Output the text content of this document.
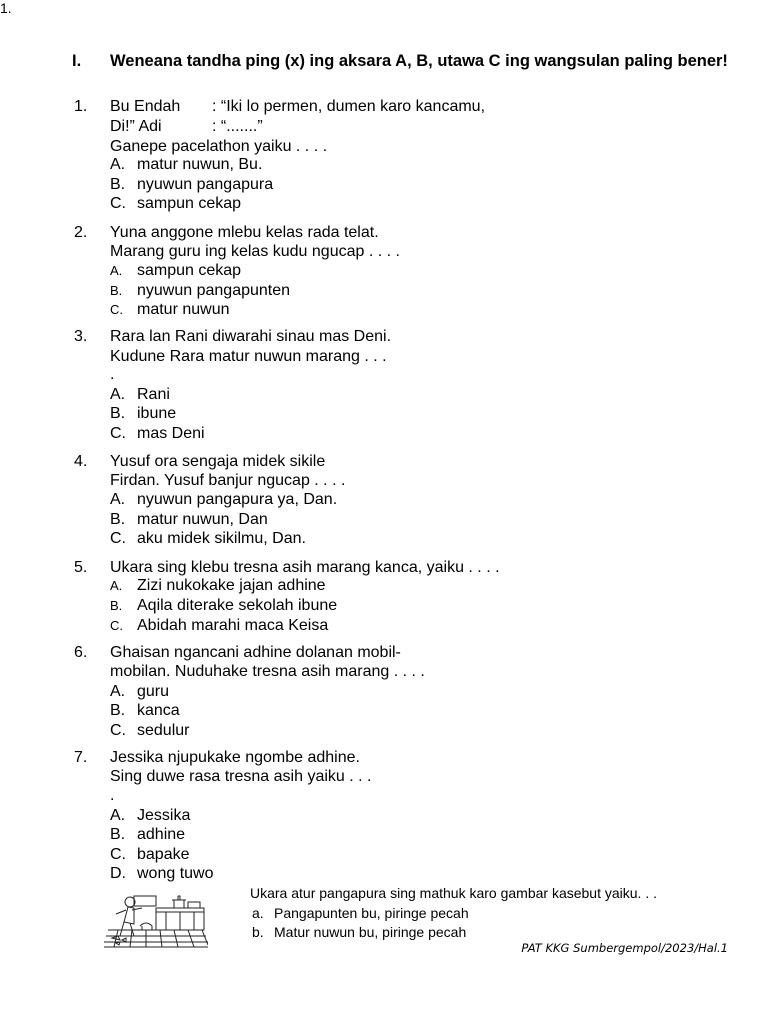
I. Weneana tandha ping (x) ing aksara A, B, utawa C ing wangsulan paling bener!
1. Bu Endah : “Iki lo permen, dumen karo kancamu,
Di!” Adi	: “.......”
Ganepe pacelathon yaiku . . . .
A. matur nuwun, Bu.
B. nyuwun pangapura
C. sampun cekap
2. Yuna anggone mlebu kelas rada telat.
Marang guru ing kelas kudu ngucap . . . .
A. sampun cekap
B. nyuwun pangapunten
C. matur nuwun
3. Rara lan Rani diwarahi sinau mas Deni.
Kudune Rara matur nuwun marang . . .
.
A. Rani
B. ibune
C. mas Deni
4. Yusuf ora sengaja midek sikile
Firdan. Yusuf banjur ngucap . . . .
A. nyuwun pangapura ya, Dan.
B. matur nuwun, Dan
C. aku midek sikilmu, Dan.
5. Ukara sing klebu tresna asih marang kanca, yaiku . . . .
A. Zizi nukokake jajan adhine
B. Aqila diterake sekolah ibune
C. Abidah marahi maca Keisa
6. Ghaisan ngancani adhine dolanan mobil-
mobilan. Nuduhake tresna asih marang . . . .
A. guru
B. kanca
C. sedulur
7. Jessika njupukake ngombe adhine.
Sing duwe rasa tresna asih yaiku . . .
.
A. Jessika
B. adhine
C. bapake
D. wong tuwo
1.
Ukara atur pangapura sing mathuk karo gambar kasebut yaiku. . .
a. Pangapunten bu, piringe pecah
b. Matur nuwun bu, piringe pecah
PAT KKG Sumbergempol/2023/Hal.1
